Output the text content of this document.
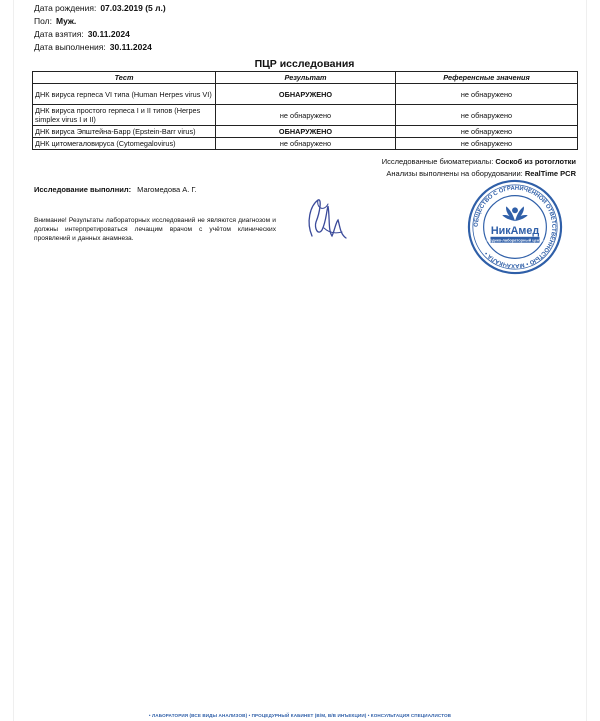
Дата рождения: 07.03.2019 (5 л.)
Пол: Муж.
Дата взятия: 30.11.2024
Дата выполнения: 30.11.2024
ПЦР исследования
Тест	Результат	Референсные значения
ДНК вируса герпеса VI типа (Human Herpes virus VI)	ОБНАРУЖЕНО	не обнаружено
ДНК вируса простого герпеса I и II типов (Herpes simplex virus I и II)	не обнаружено	не обнаружено
ДНК вируса Эпштейна-Барр (Epstein-Barr virus)	ОБНАРУЖЕНО	не обнаружено
ДНК цитомегаловируса (Cytomegalovirus)	не обнаружено	не обнаружено
Исследованные биоматериалы: Соскоб из ротоглотки
Анализы выполнены на оборудовании: RealTime PCR
Исследование выполнил: Магомедова А. Г.
Внимание! Результаты лабораторных исследований не являются диагнозом и должны интерпретироваться лечащим врачом с учётом клинических проявлений и данных анамнеза.
ОБЩЕСТВО С ОГРАНИЧЕННОЙ ОТВЕТСТВЕННОСТЬЮ • МАХАЧКАЛА •
НикАмед
Медико-лабораторный центр
• ЛАБОРАТОРИЯ (ВСЕ ВИДЫ АНАЛИЗОВ) • ПРОЦЕДУРНЫЙ КАБИНЕТ (В/М, В/В ИНЪЕКЦИИ) • КОНСУЛЬТАЦИЯ СПЕЦИАЛИСТОВ
